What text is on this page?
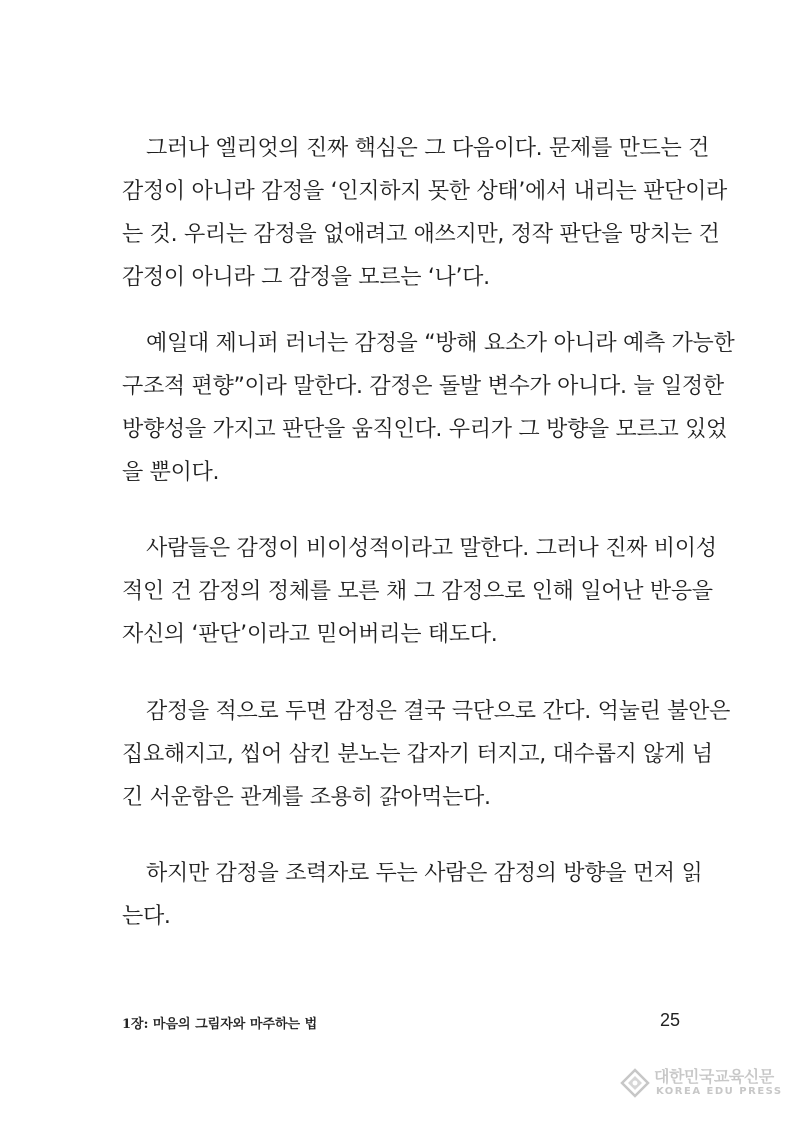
그러나 엘리엇의 진짜 핵심은 그 다음이다. 문제를 만드는 건
감정이 아니라 감정을 ‘인지하지 못한 상태’에서 내리는 판단이라
는 것. 우리는 감정을 없애려고 애쓰지만, 정작 판단을 망치는 건
감정이 아니라 그 감정을 모르는 ‘나’다.

예일대 제니퍼 러너는 감정을 “방해 요소가 아니라 예측 가능한
구조적 편향”이라 말한다. 감정은 돌발 변수가 아니다. 늘 일정한
방향성을 가지고 판단을 움직인다. 우리가 그 방향을 모르고 있었
을 뿐이다.

사람들은 감정이 비이성적이라고 말한다. 그러나 진짜 비이성
적인 건 감정의 정체를 모른 채 그 감정으로 인해 일어난 반응을
자신의 ‘판단’이라고 믿어버리는 태도다.

감정을 적으로 두면 감정은 결국 극단으로 간다. 억눌린 불안은
집요해지고, 씹어 삼킨 분노는 갑자기 터지고, 대수롭지 않게 넘
긴 서운함은 관계를 조용히 갉아먹는다.

하지만 감정을 조력자로 두는 사람은 감정의 방향을 먼저 읽
는다.

1장: 마음의 그림자와 마주하는 법	25
대한민국교육신문
KOREA EDU PRESS
